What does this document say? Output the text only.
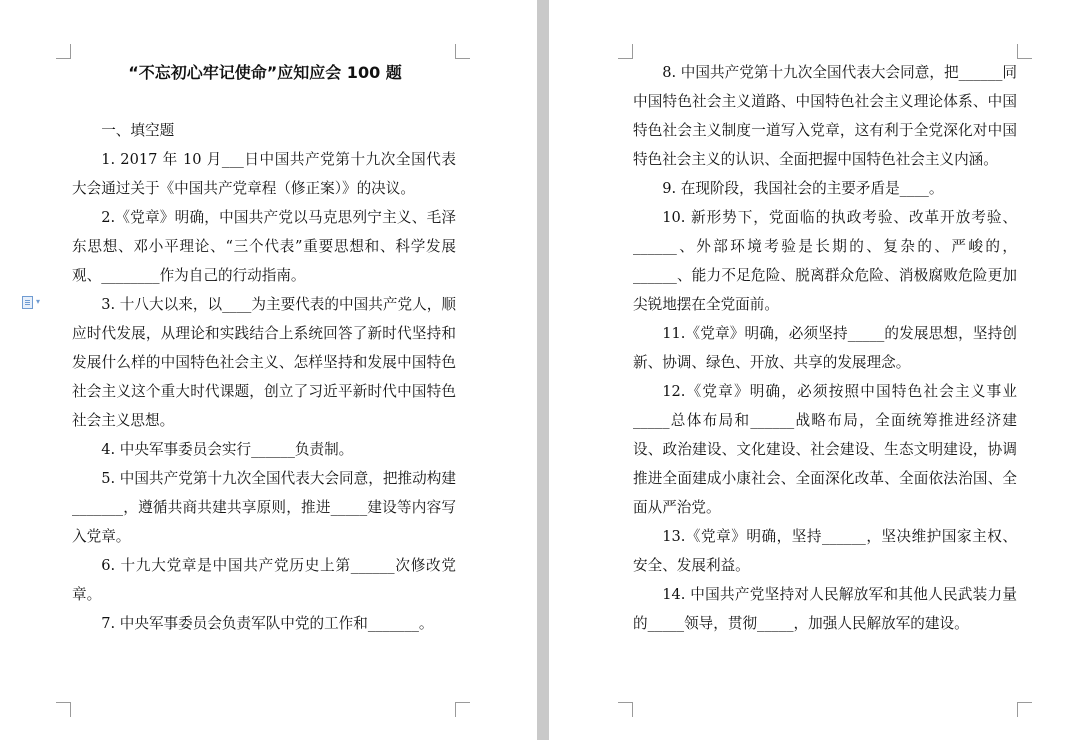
▾
“不忘初心牢记使命”应知应会 100 题

一、填空题

1. 2017 年 10 月___日中国共产党第十九次全国代表大会通过关于《中国共产党章程（修正案）》的决议。

2.《党章》明确，中国共产党以马克思列宁主义、毛泽东思想、邓小平理论、“三个代表”重要思想和、科学发展观、________作为自己的行动指南。

3. 十八大以来，以____为主要代表的中国共产党人，顺应时代发展，从理论和实践结合上系统回答了新时代坚持和发展什么样的中国特色社会主义、怎样坚持和发展中国特色社会主义这个重大时代课题，创立了习近平新时代中国特色社会主义思想。

4. 中央军事委员会实行______负责制。

5. 中国共产党第十九次全国代表大会同意，把推动构建_______，遵循共商共建共享原则，推进_____建设等内容写入党章。

6. 十九大党章是中国共产党历史上第______次修改党章。

7. 中央军事委员会负责军队中党的工作和_______。

8. 中国共产党第十九次全国代表大会同意，把______同中国特色社会主义道路、中国特色社会主义理论体系、中国特色社会主义制度一道写入党章，这有利于全党深化对中国特色社会主义的认识、全面把握中国特色社会主义内涵。

9. 在现阶段，我国社会的主要矛盾是____。

10. 新形势下，党面临的执政考验、改革开放考验、______、外部环境考验是长期的、复杂的、严峻的，______、能力不足危险、脱离群众危险、消极腐败危险更加尖锐地摆在全党面前。

11.《党章》明确，必须坚持_____的发展思想，坚持创新、协调、绿色、开放、共享的发展理念。

12.《党章》明确，必须按照中国特色社会主义事业_____总体布局和______战略布局，全面统筹推进经济建设、政治建设、文化建设、社会建设、生态文明建设，协调推进全面建成小康社会、全面深化改革、全面依法治国、全面从严治党。

13.《党章》明确，坚持______，坚决维护国家主权、安全、发展利益。

14. 中国共产党坚持对人民解放军和其他人民武装力量的_____领导，贯彻_____，加强人民解放军的建设。
